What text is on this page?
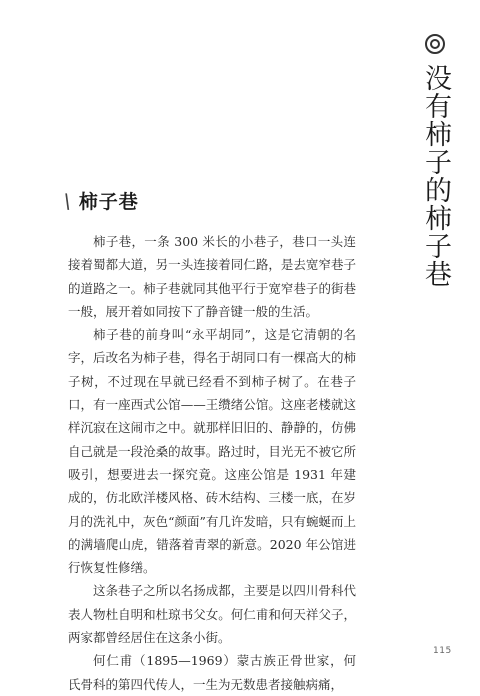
没有柿子的柿子巷
\ 柿子巷

柿子巷，一条 300 米长的小巷子，巷口一头连接着蜀都大道，另一头连接着同仁路，是去宽窄巷子的道路之一。柿子巷就同其他平行于宽窄巷子的街巷一般，展开着如同按下了静音键一般的生活。

柿子巷的前身叫“永平胡同”，这是它清朝的名字，后改名为柿子巷，得名于胡同口有一棵高大的柿子树，不过现在早就已经看不到柿子树了。在巷子口，有一座西式公馆——王缵绪公馆。这座老楼就这样沉寂在这闹市之中。就那样旧旧的、静静的，仿佛自己就是一段沧桑的故事。路过时，目光无不被它所吸引，想要进去一探究竟。这座公馆是 1931 年建成的，仿北欧洋楼风格、砖木结构、三楼一底，在岁月的洗礼中，灰色“颜面”有几许发暗，只有蜿蜒而上的满墙爬山虎，错落着青翠的新意。2020 年公馆进行恢复性修缮。

这条巷子之所以名扬成都，主要是以四川骨科代表人物杜自明和杜琼书父女。何仁甫和何天祥父子，两家都曾经居住在这条小街。

何仁甫（1895—1969）蒙古族正骨世家，何氏骨科的第四代传人，一生为无数患者接触病痛，

115
